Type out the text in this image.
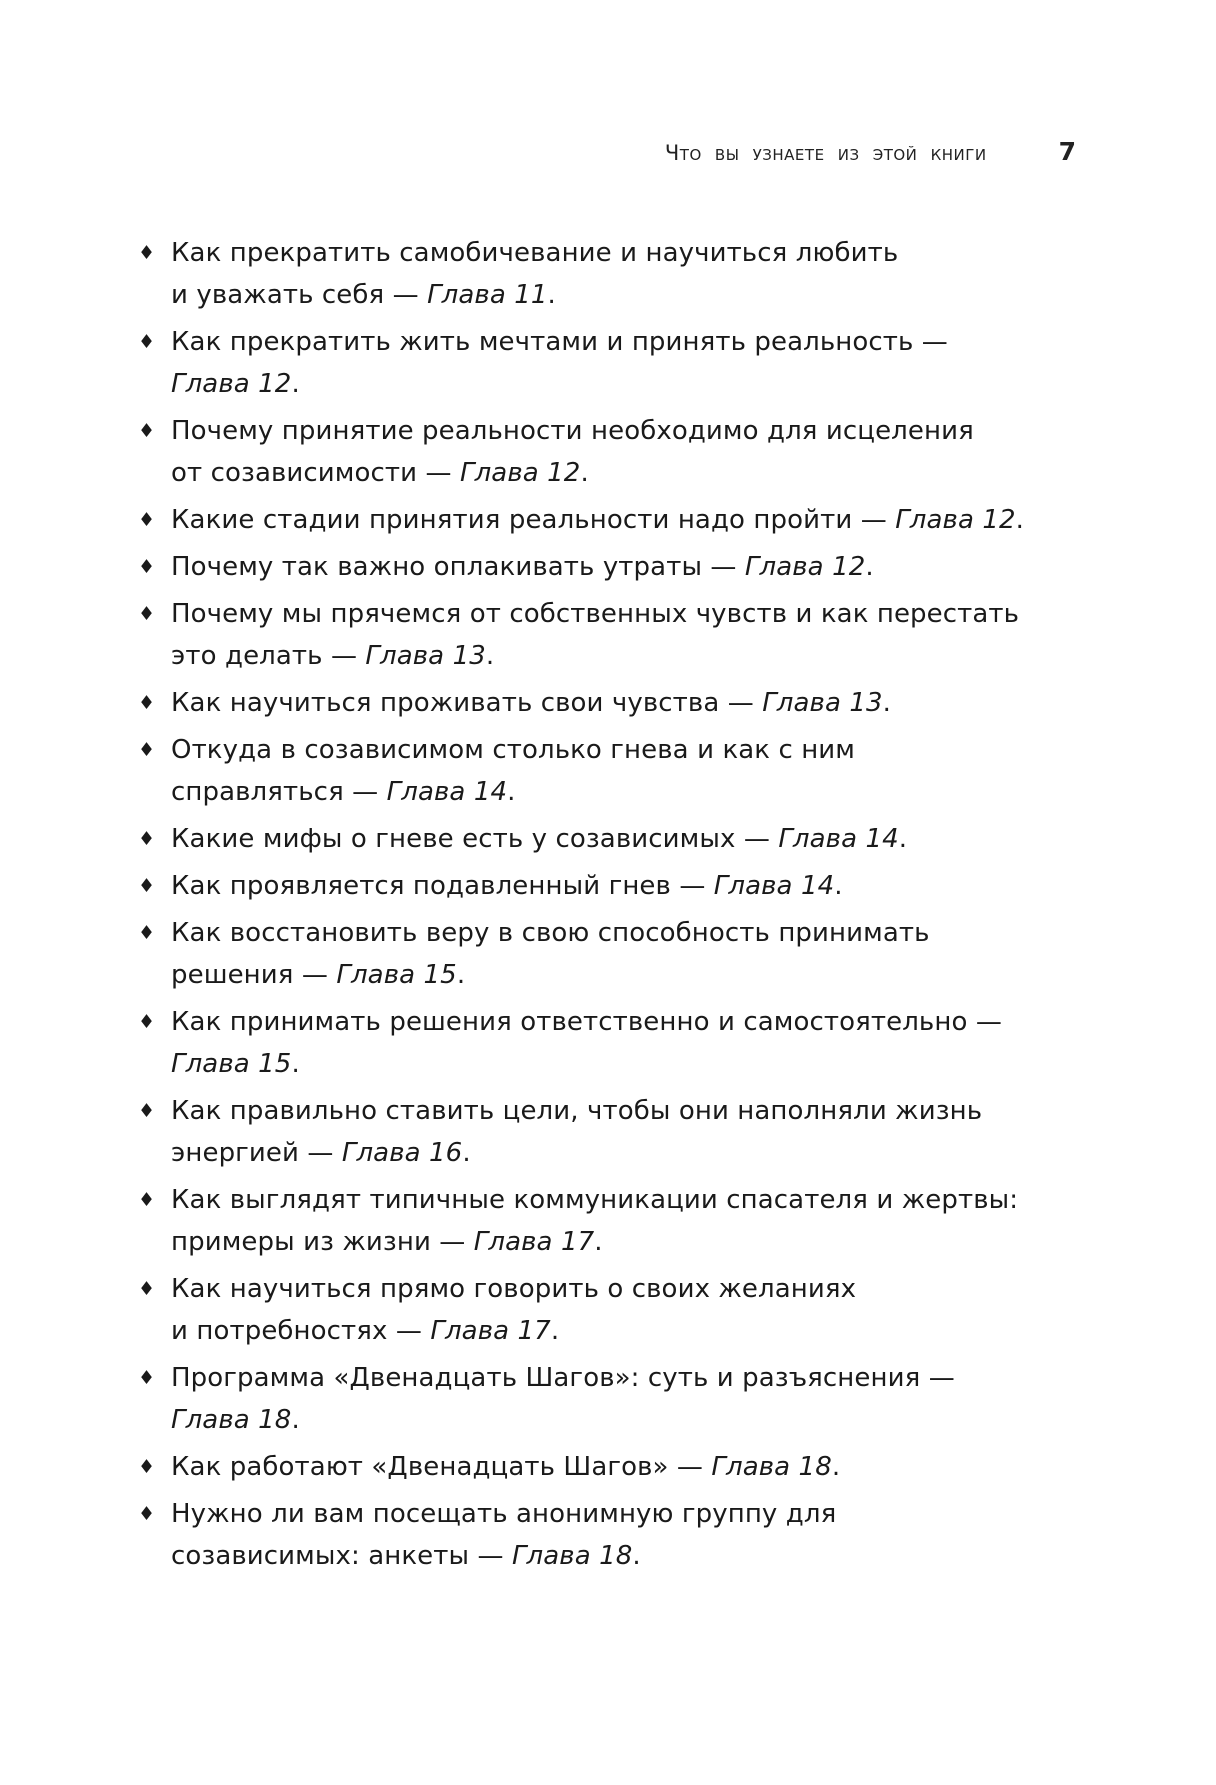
Что вы узнаете из этой книги	7
♦ Как прекратить самобичевание и научиться любить
и уважать себя — Глава 11.
♦ Как прекратить жить мечтами и принять реальность —
Глава 12.
♦ Почему принятие реальности необходимо для исцеления
от созависимости — Глава 12.
♦ Какие стадии принятия реальности надо пройти — Глава 12.
♦ Почему так важно оплакивать утраты — Глава 12.
♦ Почему мы прячемся от собственных чувств и как перестать
это делать — Глава 13.
♦ Как научиться проживать свои чувства — Глава 13.
♦ Откуда в созависимом столько гнева и как с ним
справляться — Глава 14.
♦ Какие мифы о гневе есть у созависимых — Глава 14.
♦ Как проявляется подавленный гнев — Глава 14.
♦ Как восстановить веру в свою способность принимать
решения — Глава 15.
♦ Как принимать решения ответственно и самостоятельно —
Глава 15.
♦ Как правильно ставить цели, чтобы они наполняли жизнь
энергией — Глава 16.
♦ Как выглядят типичные коммуникации спасателя и жертвы:
примеры из жизни — Глава 17.
♦ Как научиться прямо говорить о своих желаниях
и потребностях — Глава 17.
♦ Программа «Двенадцать Шагов»: суть и разъяснения —
Глава 18.
♦ Как работают «Двенадцать Шагов» — Глава 18.
♦ Нужно ли вам посещать анонимную группу для
созависимых: анкеты — Глава 18.
